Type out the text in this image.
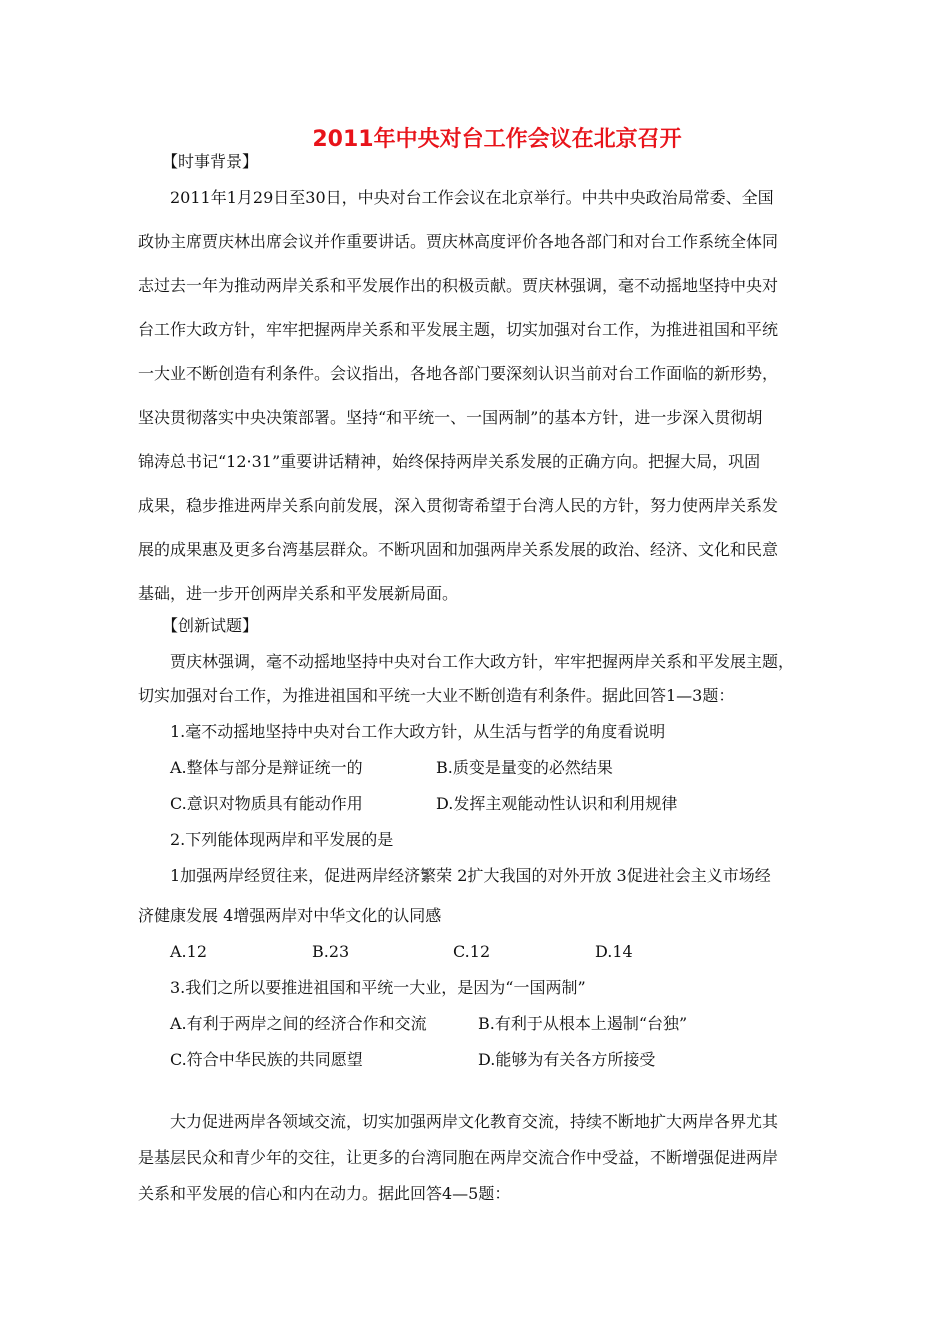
2011年中央对台工作会议在北京召开
【时事背景】
2011年1月29日至30日，中央对台工作会议在北京举行。中共中央政治局常委、全国
政协主席贾庆林出席会议并作重要讲话。贾庆林高度评价各地各部门和对台工作系统全体同
志过去一年为推动两岸关系和平发展作出的积极贡献。贾庆林强调，毫不动摇地坚持中央对
台工作大政方针，牢牢把握两岸关系和平发展主题，切实加强对台工作，为推进祖国和平统
一大业不断创造有利条件。会议指出，各地各部门要深刻认识当前对台工作面临的新形势，
坚决贯彻落实中央决策部署。坚持“和平统一、一国两制”的基本方针，进一步深入贯彻胡
锦涛总书记“12·31”重要讲话精神，始终保持两岸关系发展的正确方向。把握大局，巩固
成果，稳步推进两岸关系向前发展，深入贯彻寄希望于台湾人民的方针，努力使两岸关系发
展的成果惠及更多台湾基层群众。不断巩固和加强两岸关系发展的政治、经济、文化和民意
基础，进一步开创两岸关系和平发展新局面。
【创新试题】
贾庆林强调，毫不动摇地坚持中央对台工作大政方针，牢牢把握两岸关系和平发展主题，
切实加强对台工作，为推进祖国和平统一大业不断创造有利条件。据此回答1—3题：
1.毫不动摇地坚持中央对台工作大政方针，从生活与哲学的角度看说明
A.整体与部分是辩证统一的	B.质变是量变的必然结果
C.意识对物质具有能动作用	D.发挥主观能动性认识和利用规律
2.下列能体现两岸和平发展的是
1加强两岸经贸往来，促进两岸经济繁荣 2扩大我国的对外开放 3促进社会主义市场经
济健康发展 4增强两岸对中华文化的认同感
A.12	B.23	C.12	D.14
3.我们之所以要推进祖国和平统一大业，是因为“一国两制”
A.有利于两岸之间的经济合作和交流	B.有利于从根本上遏制“台独”
C.符合中华民族的共同愿望	D.能够为有关各方所接受
大力促进两岸各领域交流，切实加强两岸文化教育交流，持续不断地扩大两岸各界尤其
是基层民众和青少年的交往，让更多的台湾同胞在两岸交流合作中受益，不断增强促进两岸
关系和平发展的信心和内在动力。据此回答4—5题：
